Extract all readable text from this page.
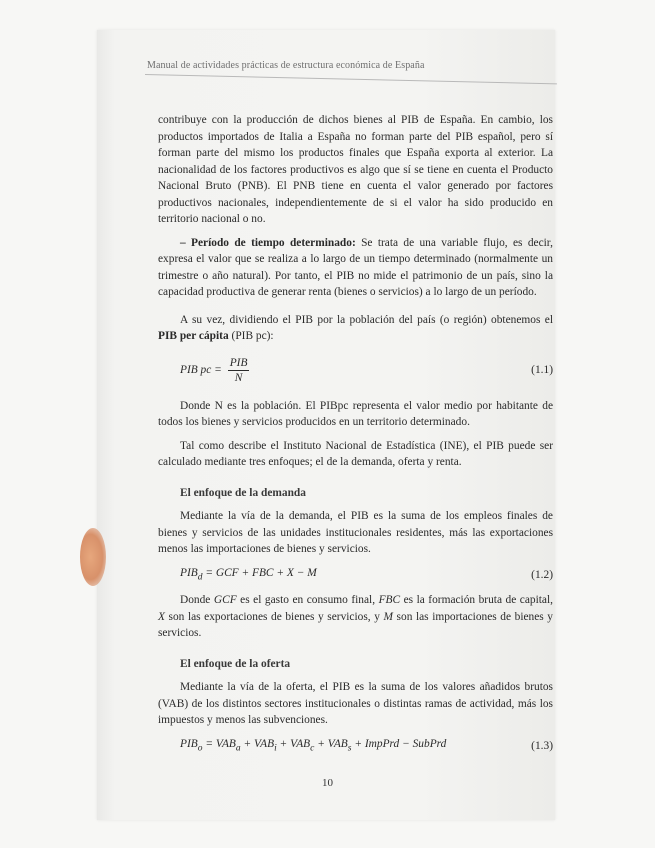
Manual de actividades prácticas de estructura económica de España

contribuye con la producción de dichos bienes al PIB de España. En cambio, los productos importados de Italia a España no forman parte del PIB español, pero sí forman parte del mismo los productos finales que España exporta al exterior. La nacionalidad de los factores productivos es algo que sí se tiene en cuenta el Producto Nacional Bruto (PNB). El PNB tiene en cuenta el valor generado por factores productivos nacionales, independientemente de si el valor ha sido producido en territorio nacional o no.

– Período de tiempo determinado: Se trata de una variable flujo, es decir, expresa el valor que se realiza a lo largo de un tiempo determinado (normalmente un trimestre o año natural). Por tanto, el PIB no mide el patrimonio de un país, sino la capacidad productiva de generar renta (bienes o servicios) a lo largo de un período.

A su vez, dividiendo el PIB por la población del país (o región) obtenemos el PIB per cápita (PIB pc):

PIB pc = $\frac{\text{PIB}}{N}$	(1.1)

Donde N es la población. El PIBpc representa el valor medio por habitante de todos los bienes y servicios producidos en un territorio determinado.

Tal como describe el Instituto Nacional de Estadística (INE), el PIB puede ser calculado mediante tres enfoques; el de la demanda, oferta y renta.

El enfoque de la demanda

Mediante la vía de la demanda, el PIB es la suma de los empleos finales de bienes y servicios de las unidades institucionales residentes, más las exportaciones menos las importaciones de bienes y servicios.

$PIB_d$ = GCF + FBC + X − M	(1.2)

Donde GCF es el gasto en consumo final, FBC es la formación bruta de capital, X son las exportaciones de bienes y servicios, y M son las importaciones de bienes y servicios.

El enfoque de la oferta

Mediante la vía de la oferta, el PIB es la suma de los valores añadidos brutos (VAB) de los distintos sectores institucionales o distintas ramas de actividad, más los impuestos y menos las subvenciones.

$PIB_o = VAB_a + VAB_i + VAB_c + VAB_s$ + ImpPrd − SubPrd	(1.3)
10
